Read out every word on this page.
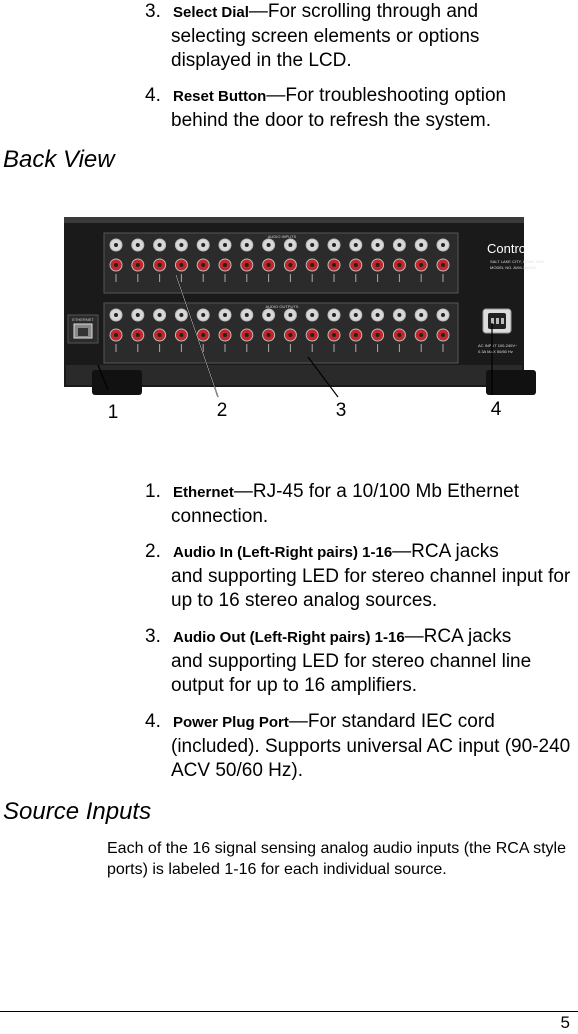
3. Select Dial—For scrolling through and
selecting screen elements or options displayed in the LCD.
4. Reset Button—For troubleshooting option
behind the door to refresh the system.
Back View
AUDIO INPUTS
AUDIO OUTPUTS
ETHERNET
Control4
SALT LAKE CITY, UTAH, USA
MODEL NO. AVM-1663-B
AC INPUT 100-240V~
0.3A MAX 50/60 Hz
1	2	3	4
1. Ethernet—RJ-45 for a 10/100 Mb Ethernet
connection.
2. Audio In (Left-Right pairs) 1-16—RCA jacks
and supporting LED for stereo channel input for up to 16 stereo analog sources.
3. Audio Out (Left-Right pairs) 1-16—RCA jacks
and supporting LED for stereo channel line output for up to 16 amplifiers.
4. Power Plug Port—For standard IEC cord
(included). Supports universal AC input (90-240 ACV 50/60 Hz).
Source Inputs
Each of the 16 signal sensing analog audio inputs (the RCA style ports) is labeled 1-16 for each individual source.
5
